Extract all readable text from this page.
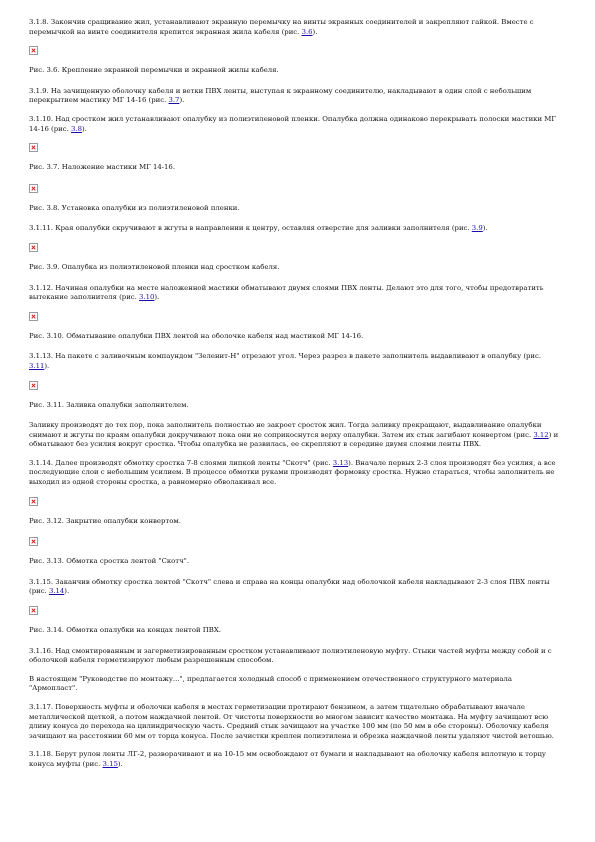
3.1.8. Закончив сращивание жил, устанавливают экранную перемычку на винты экранных соединителей и закрепляют гайкой. Вместе с перемычкой на винте соединителя крепится экранная жила кабеля (рис. 3.6).
Рис. 3.6. Крепление экранной перемычки и экранной жилы кабеля.
3.1.9. На зачищенную оболочку кабеля и ветки ПВХ ленты, выступая к экранному соединителю, накладывают в один слой с небольшим перекрытием мастику МГ 14-16 (рис. 3.7).
3.1.10. Над сростком жил устанавливают опалубку из полиэтиленовой пленки. Опалубка должна одинаково перекрывать полоски мастики МГ 14-16 (рис. 3.8).
Рис. 3.7. Наложение мастики МГ 14-16.
Рис. 3.8. Установка опалубки из полиэтиленовой пленки.
3.1.11. Края опалубки скручивают в жгуты в направлении к центру, оставляя отверстие для заливки заполнителя (рис. 3.9).
Рис. 3.9. Опалубка из полиэтиленовой пленки над сростком кабеля.
3.1.12. Начиная опалубки на месте наложенной мастики обматывают двумя слоями ПВХ ленты. Делают это для того, чтобы предотвратить вытекание заполнителя (рис. 3.10).
Рис. 3.10. Обматывание опалубки ПВХ лентой на оболочке кабеля над мастикой МГ 14-16.
3.1.13. На пакете с заливочным компаундом "Зеленит-Н" отрезают угол. Через разрез в пакете заполнитель выдавливают в опалубку (рис. 3.11).
Рис. 3.11. Заливка опалубки заполнителем.
Заливку производят до тех пор, пока заполнитель полностью не закроет сросток жил. Тогда заливку прекращают, выдавливание опалубки снимают и жгуты по краям опалубки докручивают пока они не соприкоснутся верху опалубки. Затем их стык загибают конвертом (рис. 3.12) и обматывают без усилия вокруг сростка. Чтобы опалубка не развилась, ее скрепляют в середине двумя слоями ленты ПВХ.
3.1.14. Далее производят обмотку сростка 7-8 слоями липкой ленты "Скотч" (рис. 3.13). Вначале первых 2-3 слоя производят без усилия, а все последующие слои с небольшим усилием. В процессе обмотки руками производят формовку сростка. Нужно стараться, чтобы заполнитель не выходил из одной стороны сростка, а равномерно обволакивал все.
Рис. 3.12. Закрытие опалубки конвертом.
Рис. 3.13. Обмотка сростка лентой "Скотч".
3.1.15. Заканчив обмотку сростка лентой "Скотч" слева и справа на концы опалубки над оболочкой кабеля накладывают 2-3 слоя ПВХ ленты (рис. 3.14).
Рис. 3.14. Обмотка опалубки на концах лентой ПВХ.
3.1.16. Над смонтированным и загерметизированным сростком устанавливают полиэтиленовую муфту. Стыки частей муфты между собой и с оболочкой кабеля герметизируют любым разрешенным способом.
В настоящем "Руководстве по монтажу...", предлагается холодный способ с применением отечественного структурного материала "Армопласт".
3.1.17. Поверхность муфты и оболочки кабеля в местах герметизации протирают бензином, а затем тщательно обрабатывают вначале металлической щеткой, а потом наждачной лентой. От чистоты поверхности во многом зависит качество монтажа. На муфту зачищают всю длину конуса до перехода на цилиндрическую часть. Средний стык зачищают на участке 100 мм (по 50 мм в обе стороны). Оболочку кабеля зачищают на расстоянии 60 мм от торца конуса. После зачистки креплен полиэтилена и обрезка наждачной ленты удаляют чистой ветошью.
3.1.18. Берут рулон ленты ЛГ-2, разворачивают и на 10-15 мм освобождают от бумаги и накладывают на оболочку кабеля вплотную к торцу конуса муфты (рис. 3.15).
